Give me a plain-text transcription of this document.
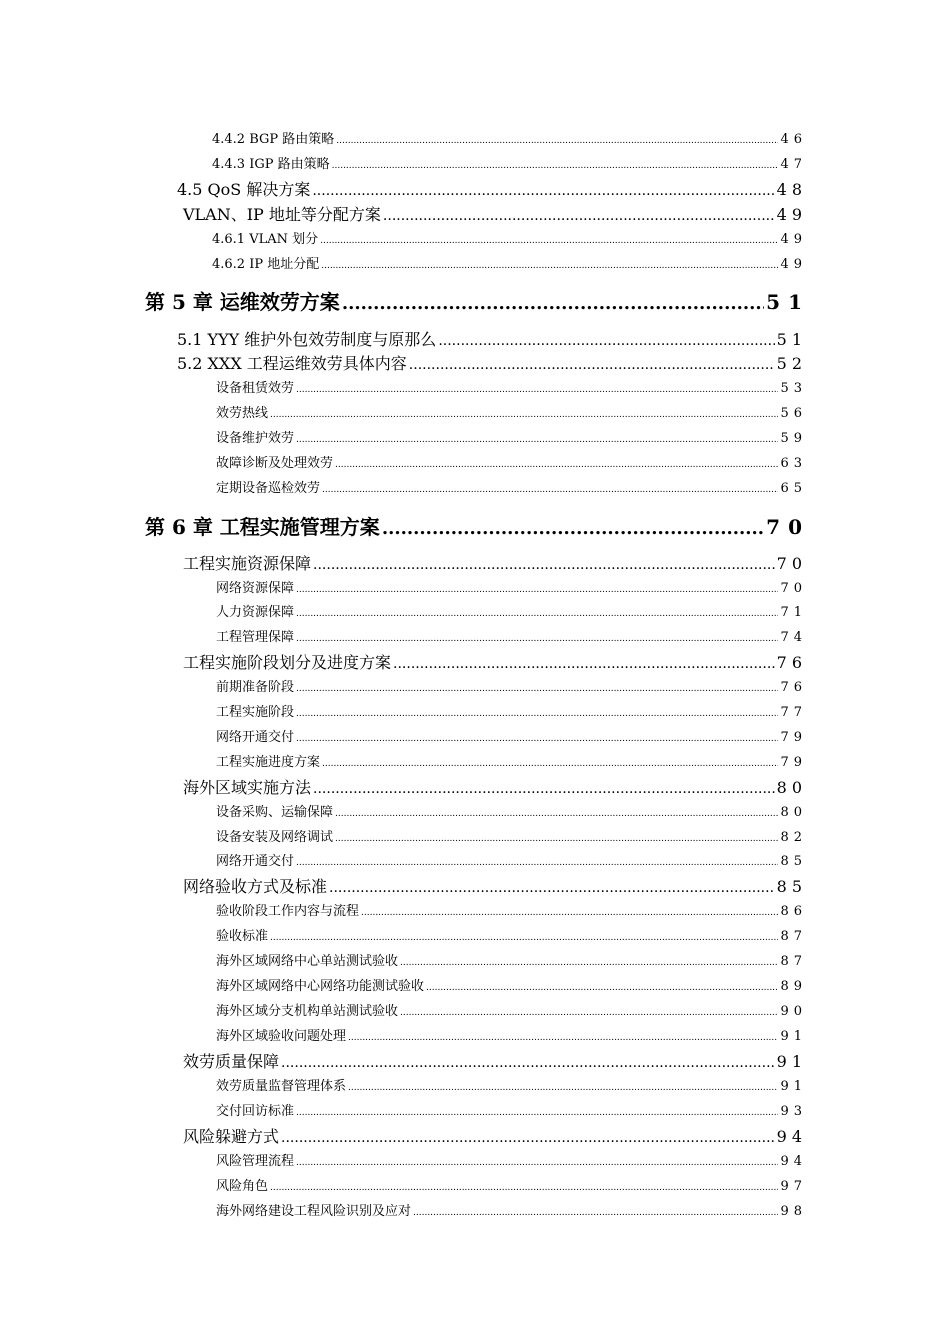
4.4.2 BGP 路由策略 .....	46
4.4.3 IGP 路由策略 .....	47
4.5 QoS 解决方案 .....	48
VLAN、IP 地址等分配方案 .....	49
4.6.1 VLAN 划分 .....	49
4.6.2 IP 地址分配 .....	49
第 5 章 运维效劳方案 .....	51
5.1 YYY 维护外包效劳制度与原那么 .....	51
5.2 XXX 工程运维效劳具体内容 .....	52
设备租赁效劳 .....	53
效劳热线 .....	56
设备维护效劳 .....	59
故障诊断及处理效劳 .....	63
定期设备巡检效劳 .....	65
第 6 章 工程实施管理方案 .....	70
工程实施资源保障 .....	70
网络资源保障 .....	70
人力资源保障 .....	71
工程管理保障 .....	74
工程实施阶段划分及进度方案 .....	76
前期准备阶段 .....	76
工程实施阶段 .....	77
网络开通交付 .....	79
工程实施进度方案 .....	79
海外区域实施方法 .....	80
设备采购、运输保障 .....	80
设备安装及网络调试 .....	82
网络开通交付 .....	85
网络验收方式及标准 .....	85
验收阶段工作内容与流程 .....	86
验收标准 .....	87
海外区域网络中心单站测试验收 .....	87
海外区域网络中心网络功能测试验收 .....	89
海外区域分支机构单站测试验收 .....	90
海外区域验收问题处理 .....	91
效劳质量保障 .....	91
效劳质量监督管理体系 .....	91
交付回访标准 .....	93
风险躲避方式 .....	94
风险管理流程 .....	94
风险角色 .....	97
海外网络建设工程风险识别及应对 .....	98
